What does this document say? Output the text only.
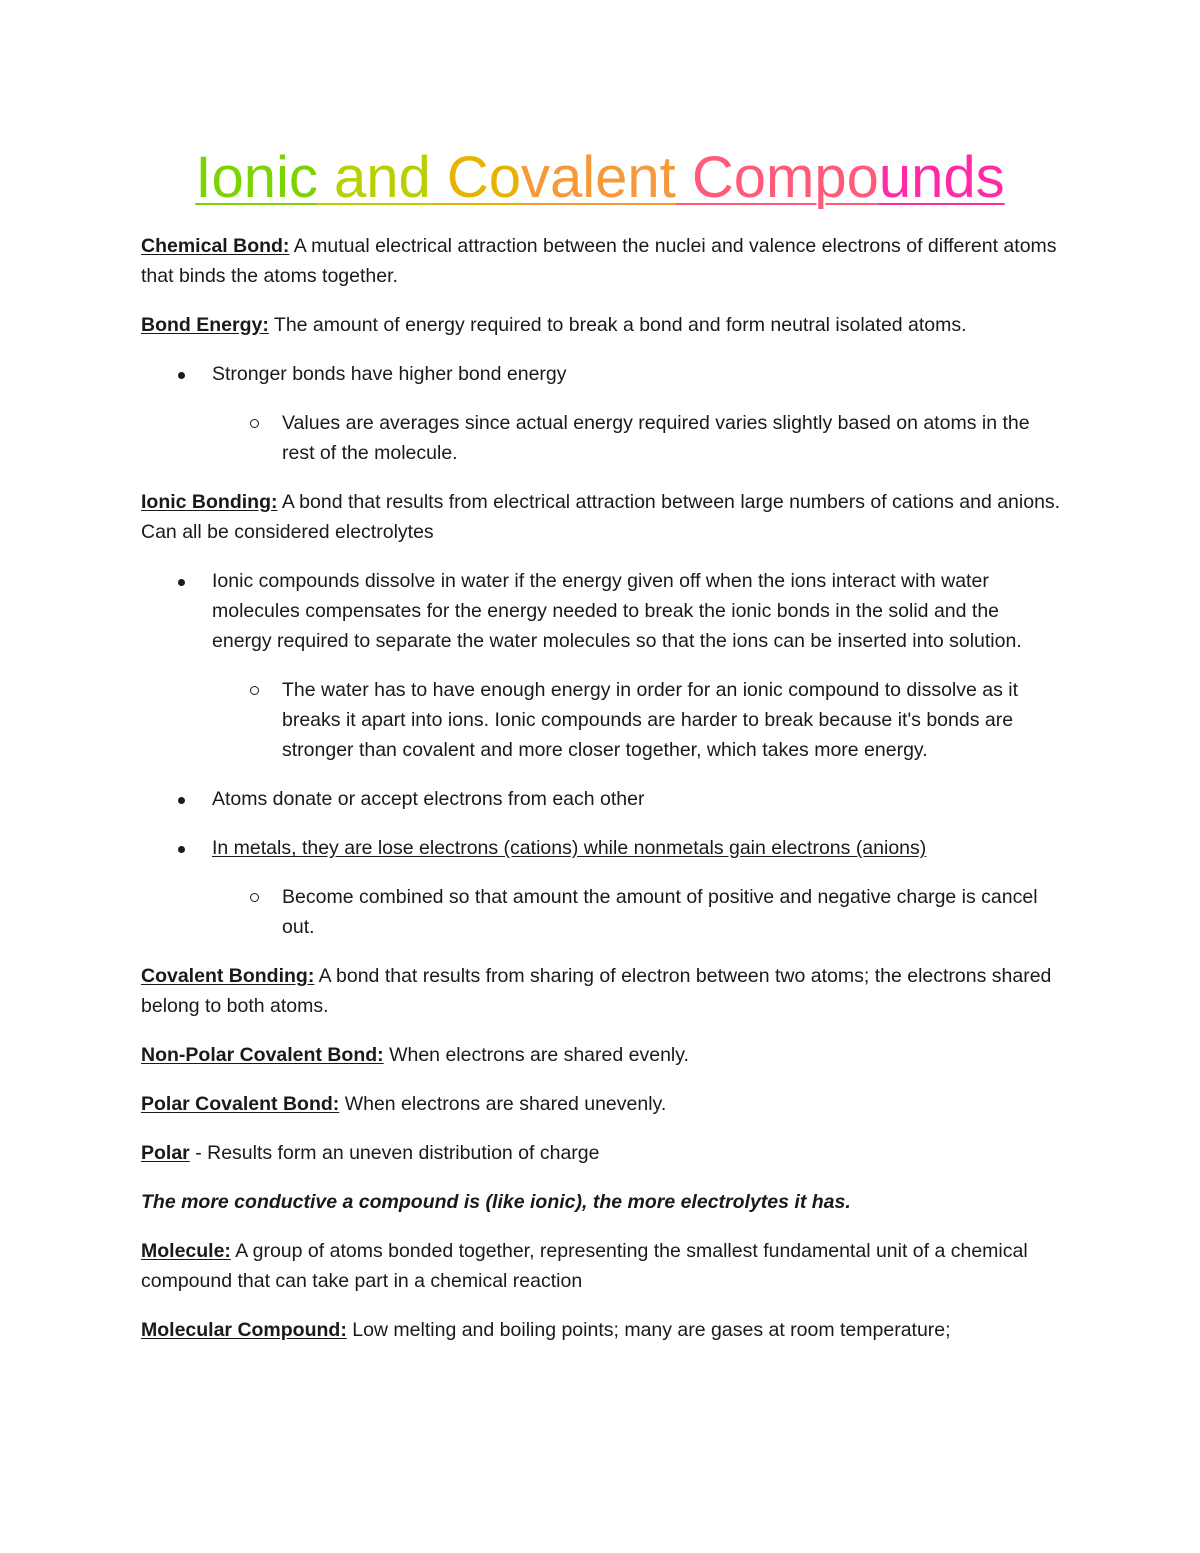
Ionic and Covalent Compounds

Chemical Bond: A mutual electrical attraction between the nuclei and valence electrons of different atoms that binds the atoms together.

Bond Energy: The amount of energy required to break a bond and form neutral isolated atoms.

Stronger bonds have higher bond energy

Values are averages since actual energy required varies slightly based on atoms in the rest of the molecule.

Ionic Bonding: A bond that results from electrical attraction between large numbers of cations and anions. Can all be considered electrolytes

Ionic compounds dissolve in water if the energy given off when the ions interact with water molecules compensates for the energy needed to break the ionic bonds in the solid and the energy required to separate the water molecules so that the ions can be inserted into solution.

The water has to have enough energy in order for an ionic compound to dissolve as it breaks it apart into ions. Ionic compounds are harder to break because it's bonds are stronger than covalent and more closer together, which takes more energy.

Atoms donate or accept electrons from each other

In metals, they are lose electrons (cations) while nonmetals gain electrons (anions)

Become combined so that amount the amount of positive and negative charge is cancel out.

Covalent Bonding: A bond that results from sharing of electron between two atoms; the electrons shared belong to both atoms.

Non-Polar Covalent Bond: When electrons are shared evenly.

Polar Covalent Bond: When electrons are shared unevenly.

Polar - Results form an uneven distribution of charge

The more conductive a compound is (like ionic), the more electrolytes it has.

Molecule: A group of atoms bonded together, representing the smallest fundamental unit of a chemical compound that can take part in a chemical reaction

Molecular Compound: Low melting and boiling points; many are gases at room temperature;
